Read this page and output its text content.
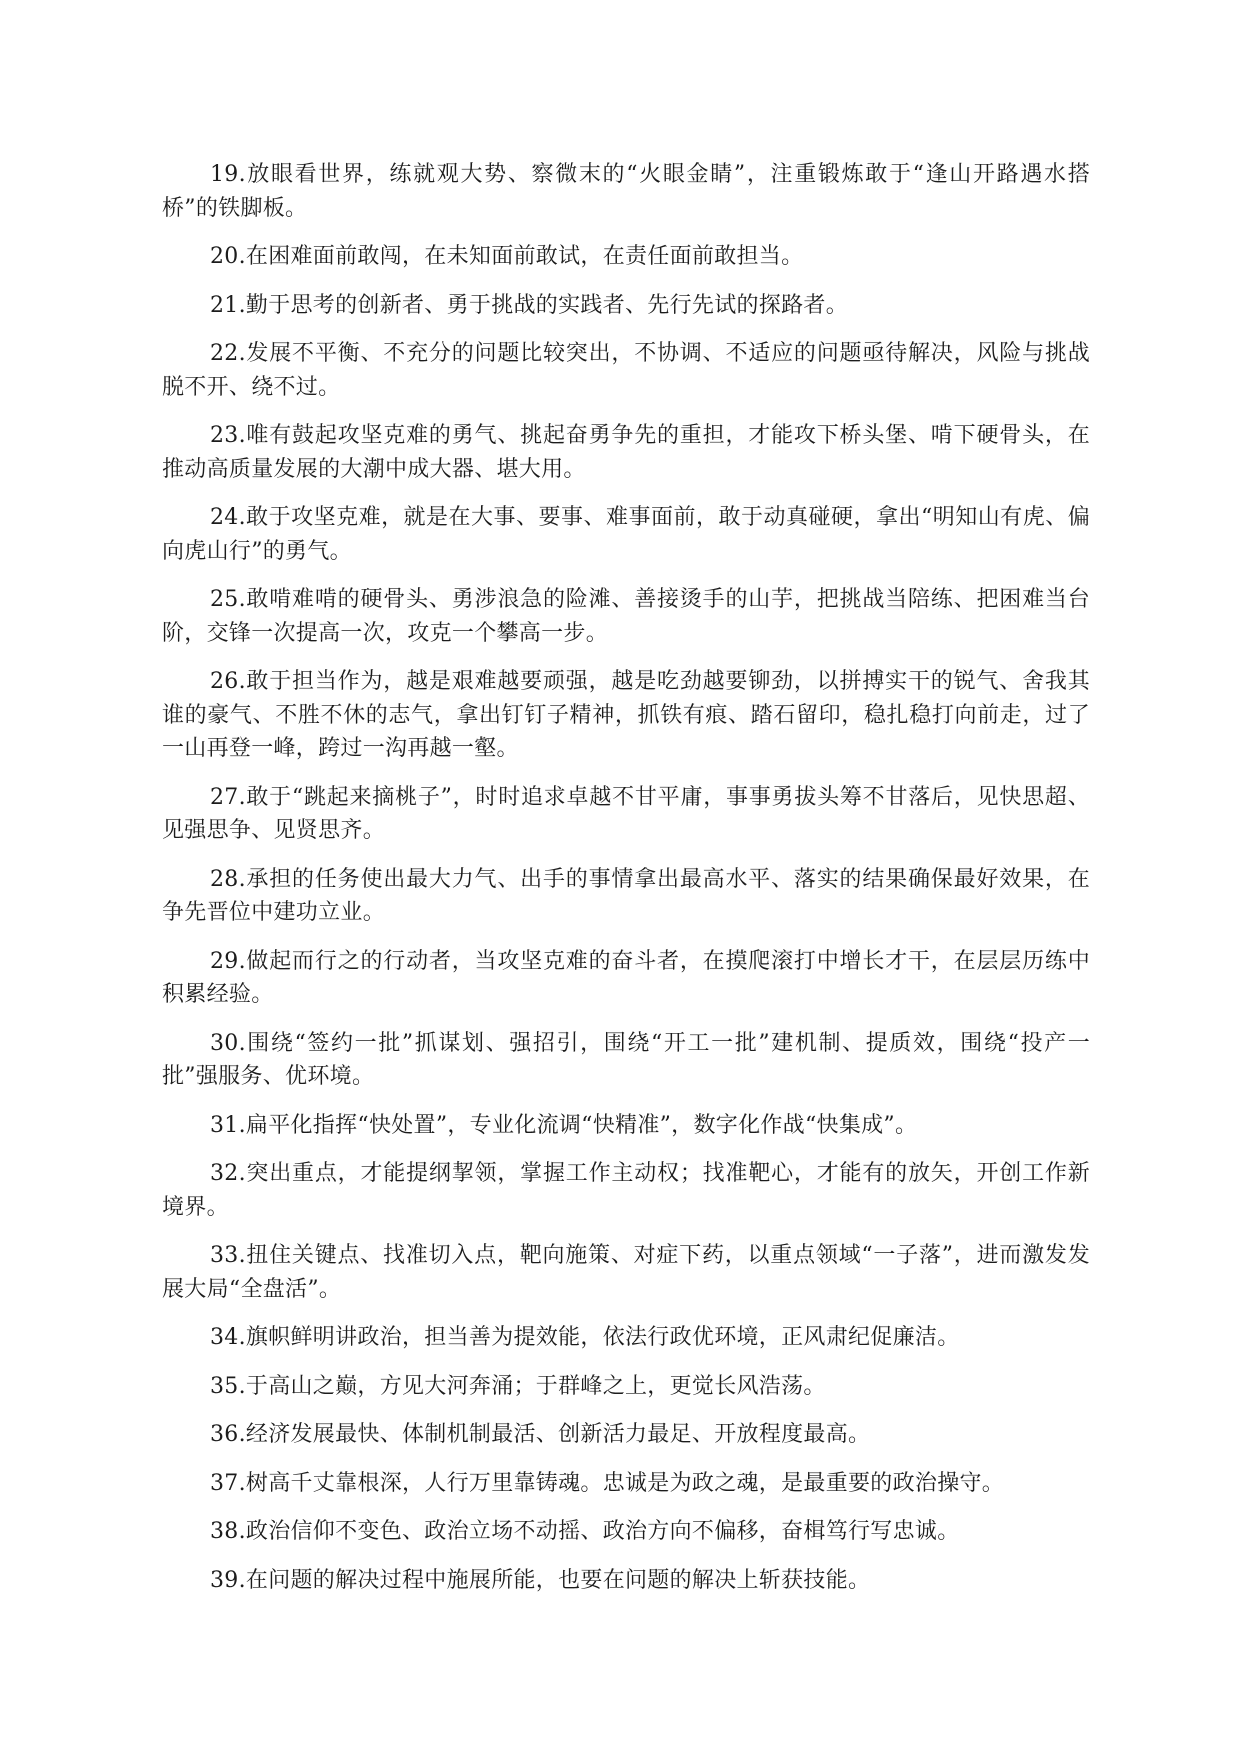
19.放眼看世界，练就观大势、察微末的“火眼金睛”，注重锻炼敢于“逢山开路遇水搭桥”的铁脚板。

20.在困难面前敢闯，在未知面前敢试，在责任面前敢担当。

21.勤于思考的创新者、勇于挑战的实践者、先行先试的探路者。

22.发展不平衡、不充分的问题比较突出，不协调、不适应的问题亟待解决，风险与挑战脱不开、绕不过。

23.唯有鼓起攻坚克难的勇气、挑起奋勇争先的重担，才能攻下桥头堡、啃下硬骨头，在推动高质量发展的大潮中成大器、堪大用。

24.敢于攻坚克难，就是在大事、要事、难事面前，敢于动真碰硬，拿出“明知山有虎、偏向虎山行”的勇气。

25.敢啃难啃的硬骨头、勇涉浪急的险滩、善接烫手的山芋，把挑战当陪练、把困难当台阶，交锋一次提高一次，攻克一个攀高一步。

26.敢于担当作为，越是艰难越要顽强，越是吃劲越要铆劲，以拼搏实干的锐气、舍我其谁的豪气、不胜不休的志气，拿出钉钉子精神，抓铁有痕、踏石留印，稳扎稳打向前走，过了一山再登一峰，跨过一沟再越一壑。

27.敢于“跳起来摘桃子”，时时追求卓越不甘平庸，事事勇拔头筹不甘落后，见快思超、见强思争、见贤思齐。

28.承担的任务使出最大力气、出手的事情拿出最高水平、落实的结果确保最好效果，在争先晋位中建功立业。

29.做起而行之的行动者，当攻坚克难的奋斗者，在摸爬滚打中增长才干，在层层历练中积累经验。

30.围绕“签约一批”抓谋划、强招引，围绕“开工一批”建机制、提质效，围绕“投产一批”强服务、优环境。

31.扁平化指挥“快处置”，专业化流调“快精准”，数字化作战“快集成”。

32.突出重点，才能提纲挈领，掌握工作主动权；找准靶心，才能有的放矢，开创工作新境界。

33.扭住关键点、找准切入点，靶向施策、对症下药，以重点领域“一子落”，进而激发发展大局“全盘活”。

34.旗帜鲜明讲政治，担当善为提效能，依法行政优环境，正风肃纪促廉洁。

35.于高山之巅，方见大河奔涌；于群峰之上，更觉长风浩荡。

36.经济发展最快、体制机制最活、创新活力最足、开放程度最高。

37.树高千丈靠根深，人行万里靠铸魂。忠诚是为政之魂，是最重要的政治操守。

38.政治信仰不变色、政治立场不动摇、政治方向不偏移，奋楫笃行写忠诚。

39.在问题的解决过程中施展所能，也要在问题的解决上斩获技能。
